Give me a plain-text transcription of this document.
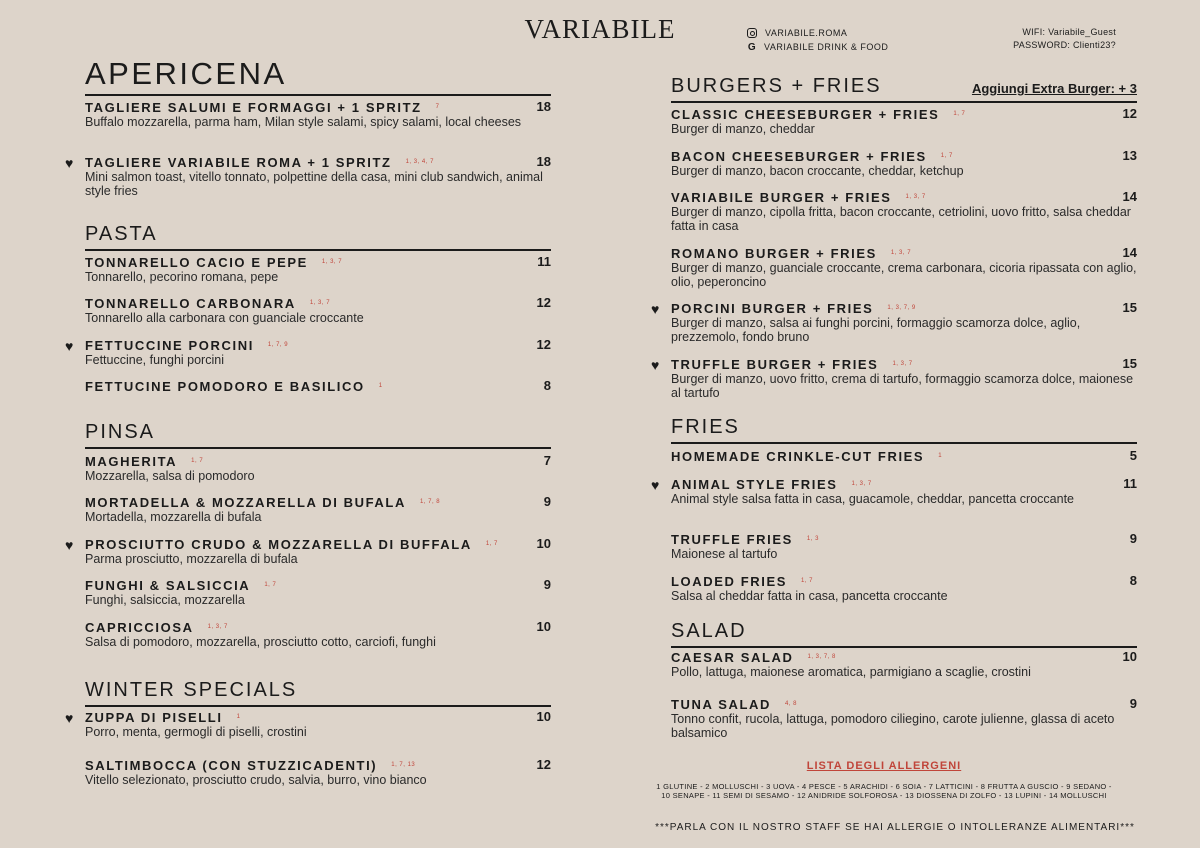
VARIABILE	VARIABILE.ROMA
G VARIABILE DRINK & FOOD
WIFI: Variabile_Guest
PASSWORD: Clienti23?
APERICENA
TAGLIERE SALUMI E FORMAGGI + 1 SPRITZ $^7$	18
Buffalo mozzarella, parma ham, Milan style salami, spicy salami, local cheeses
♥ TAGLIERE VARIABILE ROMA + 1 SPRITZ $^{1, 3, 4, 7}$	18
Mini salmon toast, vitello tonnato, polpettine della casa, mini club sandwich, animal style fries
PASTA
TONNARELLO CACIO E PEPE $^{1, 3, 7}$	11
Tonnarello, pecorino romana, pepe
TONNARELLO CARBONARA $^{1, 3, 7}$	12
Tonnarello alla carbonara con guanciale croccante
♥ FETTUCCINE PORCINI $^{1, 7, 9}$	12
Fettuccine, funghi porcini
FETTUCINE POMODORO E BASILICO $^1$	8
PINSA
MAGHERITA $^{1, 7}$	7
Mozzarella, salsa di pomodoro
MORTADELLA & MOZZARELLA DI BUFALA $^{1, 7, 8}$	9
Mortadella, mozzarella di bufala
♥ PROSCIUTTO CRUDO & MOZZARELLA DI BUFFALA $^{1, 7}$	10
Parma prosciutto, mozzarella di bufala
FUNGHI & SALSICCIA $^{1, 7}$	9
Funghi, salsiccia, mozzarella
CAPRICCIOSA $^{1, 3, 7}$	10
Salsa di pomodoro, mozzarella, prosciutto cotto, carciofi, funghi
WINTER SPECIALS
♥ ZUPPA DI PISELLI $^1$	10
Porro, menta, germogli di piselli, crostini
SALTIMBOCCA (CON STUZZICADENTI) $^{1, 7, 13}$	12
Vitello selezionato, prosciutto crudo, salvia, burro, vino bianco
BURGERS + FRIES	Aggiungi Extra Burger: + 3
CLASSIC CHEESEBURGER + FRIES $^{1, 7}$	12
Burger di manzo, cheddar
BACON CHEESEBURGER + FRIES $^{1, 7}$	13
Burger di manzo, bacon croccante, cheddar, ketchup
VARIABILE BURGER + FRIES $^{1, 3, 7}$	14
Burger di manzo, cipolla fritta, bacon croccante, cetriolini, uovo fritto, salsa cheddar fatta in casa
ROMANO BURGER + FRIES $^{1, 3, 7}$	14
Burger di manzo, guanciale croccante, crema carbonara, cicoria ripassata con aglio, olio, peperoncino
♥ PORCINI BURGER + FRIES $^{1, 3, 7, 9}$	15
Burger di manzo, salsa ai funghi porcini, formaggio scamorza dolce, aglio, prezzemolo, fondo bruno
♥ TRUFFLE BURGER + FRIES $^{1, 3, 7}$	15
Burger di manzo, uovo fritto, crema di tartufo, formaggio scamorza dolce, maionese al tartufo
FRIES
HOMEMADE CRINKLE-CUT FRIES $^1$	5
♥ ANIMAL STYLE FRIES $^{1, 3, 7}$	11
Animal style salsa fatta in casa, guacamole, cheddar, pancetta croccante
TRUFFLE FRIES $^{1, 3}$	9
Maionese al tartufo
LOADED FRIES $^{1, 7}$	8
Salsa al cheddar fatta in casa, pancetta croccante
SALAD
CAESAR SALAD $^{1, 3, 7, 8}$	10
Pollo, lattuga, maionese aromatica, parmigiano a scaglie, crostini
TUNA SALAD $^{4, 8}$	9
Tonno confit, rucola, lattuga, pomodoro ciliegino, carote julienne, glassa di aceto balsamico
LISTA DEGLI ALLERGENI
1 GLUTINE - 2 MOLLUSCHI - 3 UOVA - 4 PESCE - 5 ARACHIDI - 6 SOIA - 7 LATTICINI - 8 FRUTTA A GUSCIO - 9 SEDANO -
10 SENAPE - 11 SEMI DI SESAMO - 12 ANIDRIDE SOLFOROSA - 13 DIOSSENA DI ZOLFO - 13 LUPINI - 14 MOLLUSCHI
***PARLA CON IL NOSTRO STAFF SE HAI ALLERGIE O INTOLLERANZE ALIMENTARI***
